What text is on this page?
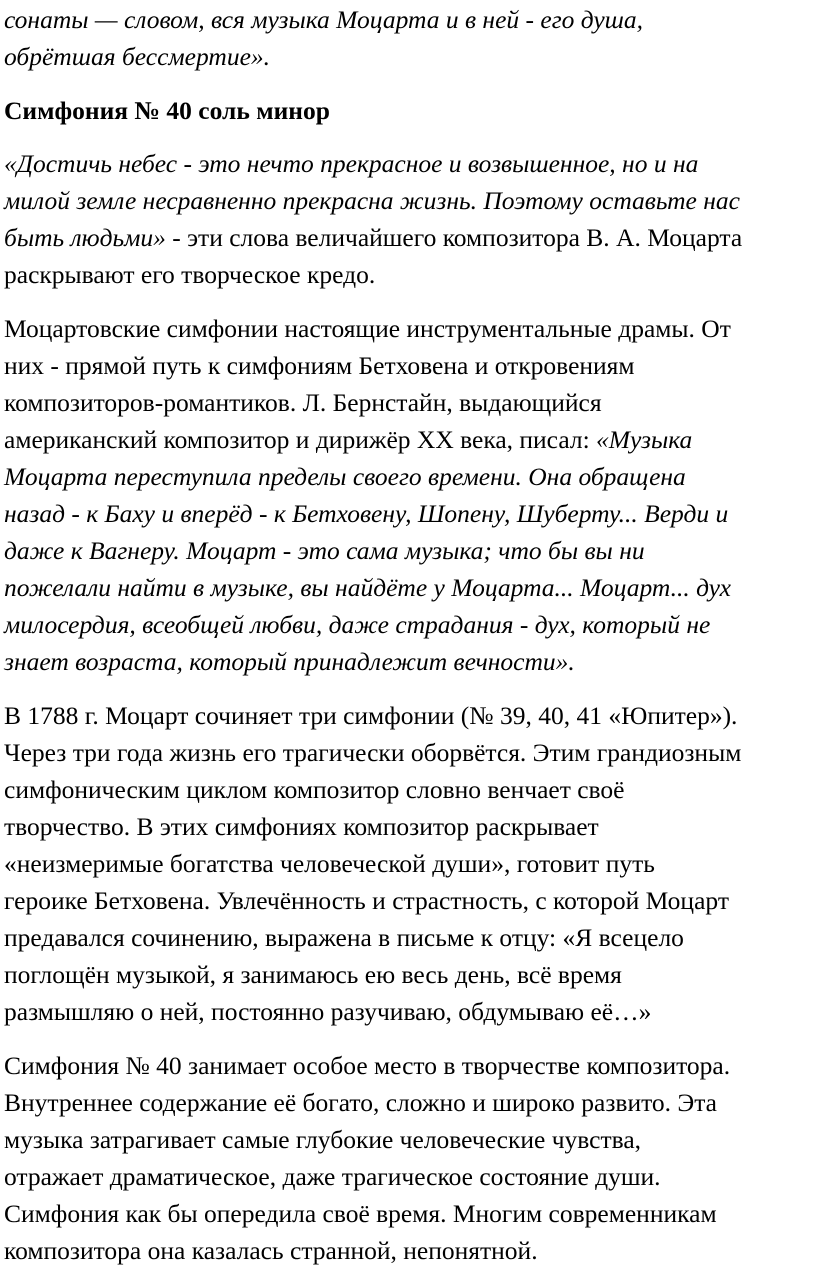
сонаты — словом, вся музыка Моцарта и в ней - его душа,
обрётшая бессмертие».
Симфония № 40 соль минор
«Достичь небес - это нечто прекрасное и возвышенное, но и на
милой земле несравненно прекрасна жизнь. Поэтому оставьте нас
быть людьми» - эти слова величайшего композитора В. А. Моцарта
раскрывают его творческое кредо.
Моцартовские симфонии настоящие инструментальные драмы. От
них - прямой путь к симфониям Бетховена и откровениям
композиторов-романтиков. Л. Бернстайн, выдающийся
американский композитор и дирижёр XX века, писал: «Музыка
Моцарта переступила пределы своего времени. Она обращена
назад - к Баху и вперёд - к Бетховену, Шопену, Шуберту... Верди и
даже к Вагнеру. Моцарт - это сама музыка; что бы вы ни
пожелали найти в музыке, вы найдёте у Моцарта... Моцарт... дух
милосердия, всеобщей любви, даже страдания - дух, который не
знает возраста, который принадлежит вечности».
В 1788 г. Моцарт сочиняет три симфонии (№ 39, 40, 41 «Юпитер»).
Через три года жизнь его трагически оборвётся. Этим грандиозным
симфоническим циклом композитор словно венчает своё
творчество. В этих симфониях композитор раскрывает
«неизмеримые богатства человеческой души», готовит путь
героике Бетховена. Увлечённость и страстность, с которой Моцарт
предавался сочинению, выражена в письме к отцу: «Я всецело
поглощён музыкой, я занимаюсь ею весь день, всё время
размышляю о ней, постоянно разучиваю, обдумываю её…»
Симфония № 40 занимает особое место в творчестве композитора.
Внутреннее содержание её богато, сложно и широко развито. Эта
музыка затрагивает самые глубокие человеческие чувства,
отражает драматическое, даже трагическое состояние души.
Симфония как бы опередила своё время. Многим современникам
композитора она казалась странной, непонятной.
